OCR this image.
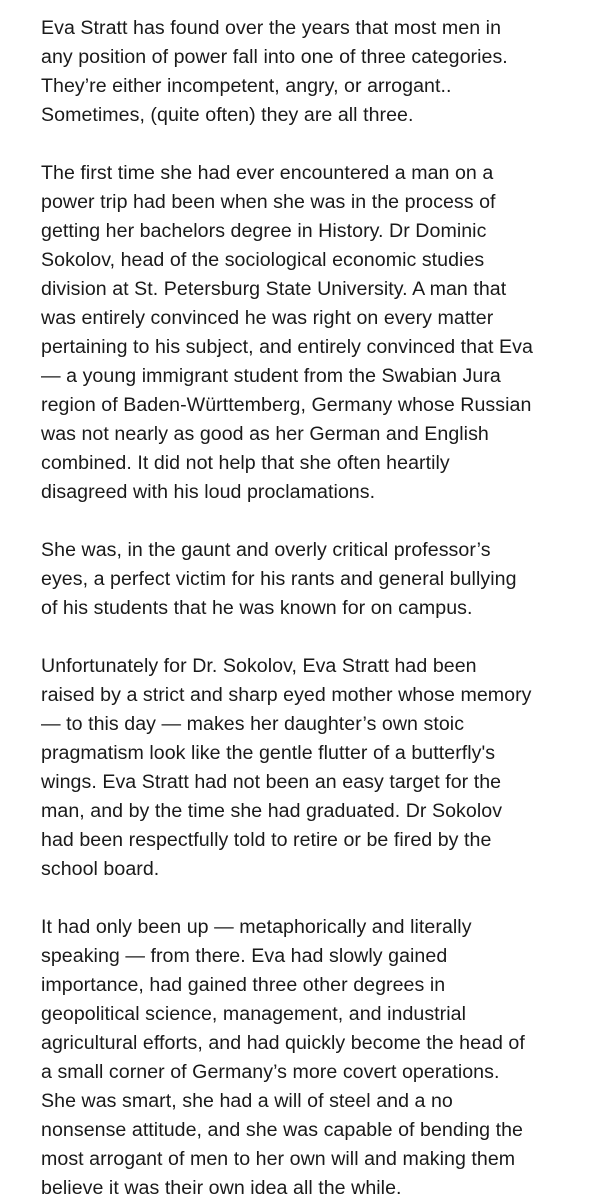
Eva Stratt has found over the years that most men in
any position of power fall into one of three categories.
They’re either incompetent, angry, or arrogant..
Sometimes, (quite often) they are all three.

The first time she had ever encountered a man on a
power trip had been when she was in the process of
getting her bachelors degree in History. Dr Dominic
Sokolov, head of the sociological economic studies
division at St. Petersburg State University. A man that
was entirely convinced he was right on every matter
pertaining to his subject, and entirely convinced that Eva
— a young immigrant student from the Swabian Jura
region of Baden-Württemberg, Germany whose Russian
was not nearly as good as her German and English
combined. It did not help that she often heartily
disagreed with his loud proclamations.

She was, in the gaunt and overly critical professor’s
eyes, a perfect victim for his rants and general bullying
of his students that he was known for on campus.

Unfortunately for Dr. Sokolov, Eva Stratt had been
raised by a strict and sharp eyed mother whose memory
— to this day — makes her daughter’s own stoic
pragmatism look like the gentle flutter of a butterfly's
wings. Eva Stratt had not been an easy target for the
man, and by the time she had graduated. Dr Sokolov
had been respectfully told to retire or be fired by the
school board.

It had only been up — metaphorically and literally
speaking — from there. Eva had slowly gained
importance, had gained three other degrees in
geopolitical science, management, and industrial
agricultural efforts, and had quickly become the head of
a small corner of Germany’s more covert operations.
She was smart, she had a will of steel and a no
nonsense attitude, and she was capable of bending the
most arrogant of men to her own will and making them
believe it was their own idea all the while.
